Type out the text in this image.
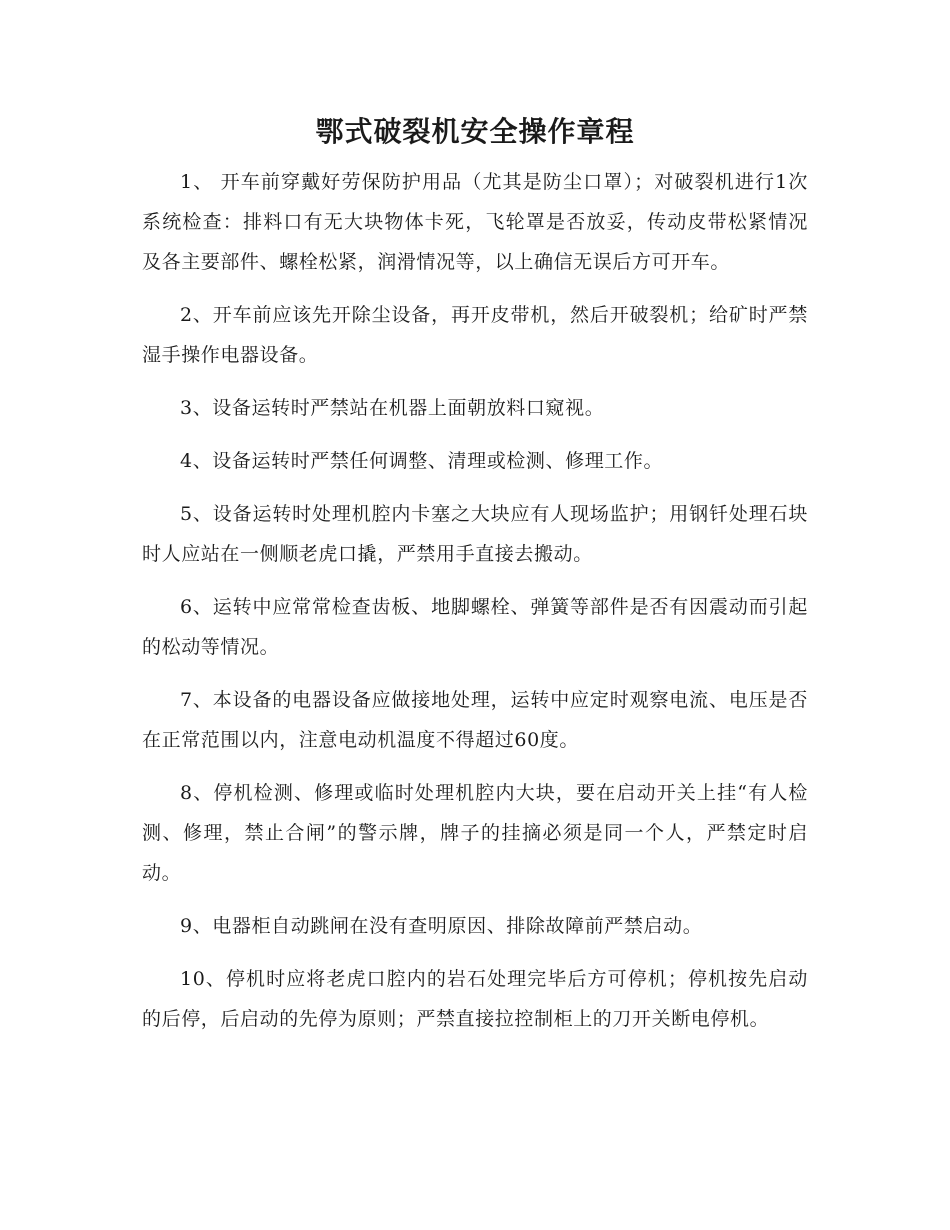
鄂式破裂机安全操作章程

1、 开车前穿戴好劳保防护用品（尤其是防尘口罩）；对破裂机进行1次系统检查：排料口有无大块物体卡死，飞轮罩是否放妥，传动皮带松紧情况及各主要部件、螺栓松紧，润滑情况等，以上确信无误后方可开车。

2、开车前应该先开除尘设备，再开皮带机，然后开破裂机；给矿时严禁湿手操作电器设备。

3、设备运转时严禁站在机器上面朝放料口窥视。

4、设备运转时严禁任何调整、清理或检测、修理工作。

5、设备运转时处理机腔内卡塞之大块应有人现场监护；用钢钎处理石块时人应站在一侧顺老虎口撬，严禁用手直接去搬动。

6、运转中应常常检查齿板、地脚螺栓、弹簧等部件是否有因震动而引起的松动等情况。

7、本设备的电器设备应做接地处理，运转中应定时观察电流、电压是否在正常范围以内，注意电动机温度不得超过60度。

8、停机检测、修理或临时处理机腔内大块，要在启动开关上挂“有人检测、修理，禁止合闸”的警示牌，牌子的挂摘必须是同一个人，严禁定时启动。

9、电器柜自动跳闸在没有查明原因、排除故障前严禁启动。

10、停机时应将老虎口腔内的岩石处理完毕后方可停机；停机按先启动的后停，后启动的先停为原则；严禁直接拉控制柜上的刀开关断电停机。
